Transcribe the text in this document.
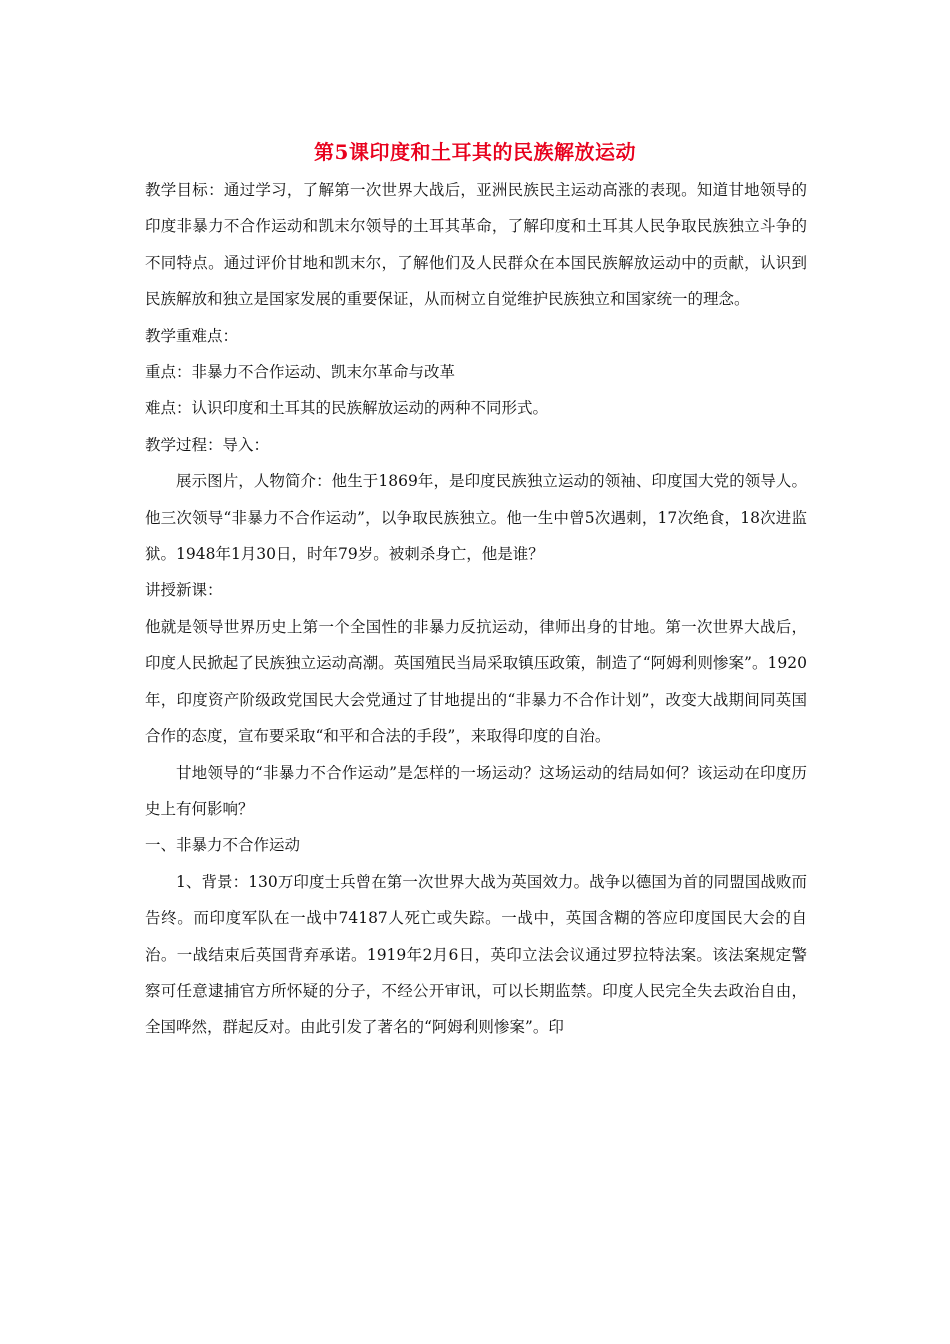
第5课印度和土耳其的民族解放运动

教学目标：通过学习，了解第一次世界大战后，亚洲民族民主运动高涨的表现。知道甘地领导的印度非暴力不合作运动和凯末尔领导的土耳其革命，了解印度和土耳其人民争取民族独立斗争的不同特点。通过评价甘地和凯末尔，了解他们及人民群众在本国民族解放运动中的贡献，认识到民族解放和独立是国家发展的重要保证，从而树立自觉维护民族独立和国家统一的理念。

教学重难点：

重点：非暴力不合作运动、凯末尔革命与改革

难点：认识印度和土耳其的民族解放运动的两种不同形式。

教学过程：导入：

展示图片，人物简介：他生于1869年，是印度民族独立运动的领袖、印度国大党的领导人。他三次领导“非暴力不合作运动”，以争取民族独立。他一生中曾5次遇刺，17次绝食，18次进监狱。1948年1月30日，时年79岁。被刺杀身亡，他是谁？

讲授新课：

他就是领导世界历史上第一个全国性的非暴力反抗运动，律师出身的甘地。第一次世界大战后，印度人民掀起了民族独立运动高潮。英国殖民当局采取镇压政策，制造了“阿姆利则惨案”。1920年，印度资产阶级政党国民大会党通过了甘地提出的“非暴力不合作计划”，改变大战期间同英国合作的态度，宣布要采取“和平和合法的手段”，来取得印度的自治。

甘地领导的“非暴力不合作运动”是怎样的一场运动？这场运动的结局如何？该运动在印度历史上有何影响？

一、非暴力不合作运动

1、背景：130万印度士兵曾在第一次世界大战为英国效力。战争以德国为首的同盟国战败而告终。而印度军队在一战中74187人死亡或失踪。一战中，英国含糊的答应印度国民大会的自治。一战结束后英国背弃承诺。1919年2月6日，英印立法会议通过罗拉特法案。该法案规定警察可任意逮捕官方所怀疑的分子，不经公开审讯，可以长期监禁。印度人民完全失去政治自由，全国哗然，群起反对。由此引发了著名的“阿姆利则惨案”。印
